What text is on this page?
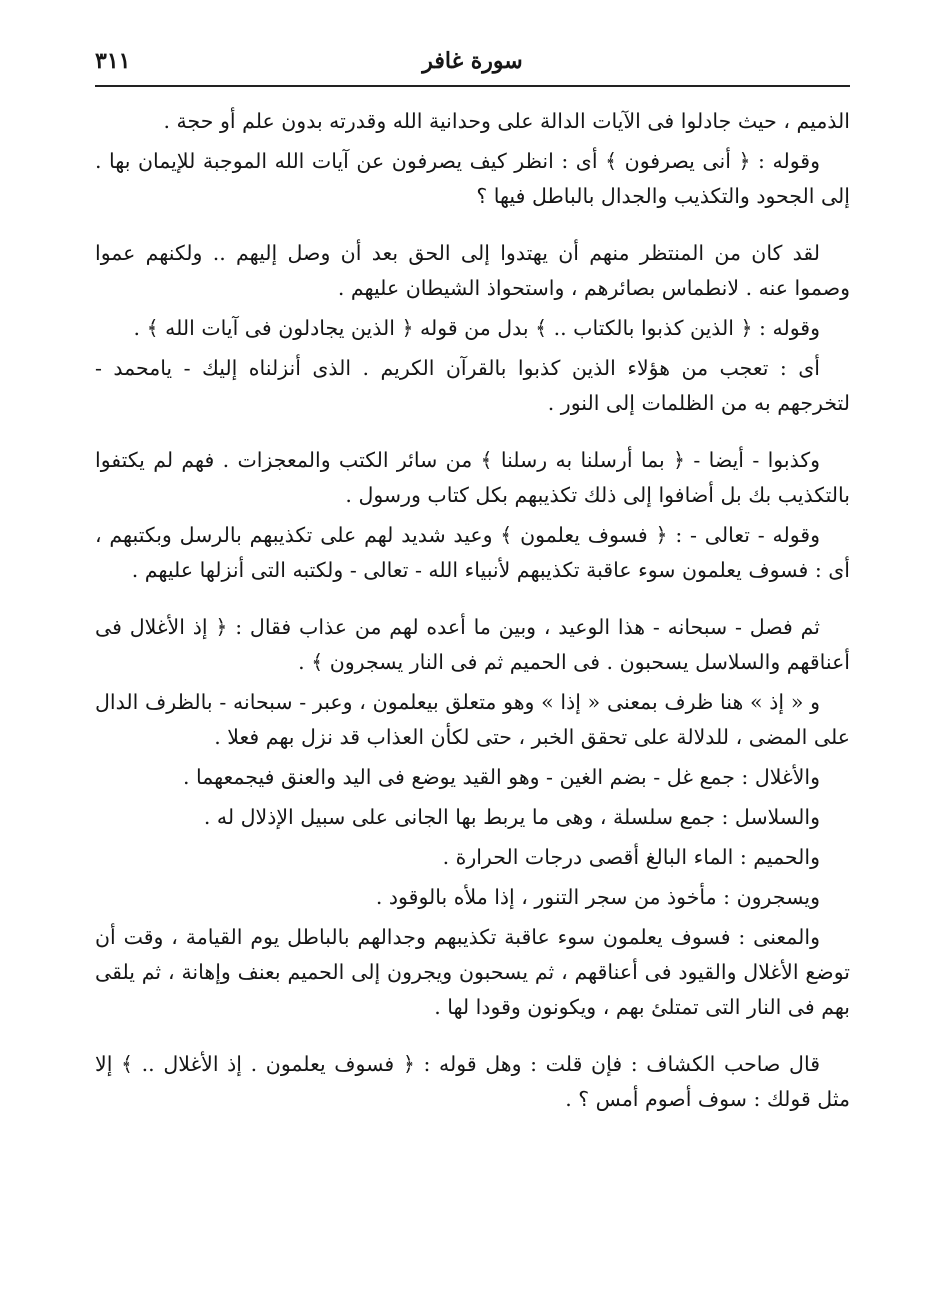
٣١١	سورة غافر

الذميم ، حيث جادلوا فى الآيات الدالة على وحدانية الله وقدرته بدون علم أو حجة .

وقوله : ﴿ أنى يصرفون ﴾ أى : انظر كيف يصرفون عن آيات الله الموجبة للإيمان بها . إلى الجحود والتكذيب والجدال بالباطل فيها ؟

لقد كان من المنتظر منهم أن يهتدوا إلى الحق بعد أن وصل إليهم .. ولكنهم عموا وصموا عنه . لانطماس بصائرهم ، واستحواذ الشيطان عليهم .

وقوله : ﴿ الذين كذبوا بالكتاب .. ﴾ بدل من قوله ﴿ الذين يجادلون فى آيات الله ﴾ .

أى : تعجب من هؤلاء الذين كذبوا بالقرآن الكريم . الذى أنزلناه إليك - يامحمد - لتخرجهم به من الظلمات إلى النور .

وكذبوا - أيضا - ﴿ بما أرسلنا به رسلنا ﴾ من سائر الكتب والمعجزات . فهم لم يكتفوا بالتكذيب بك بل أضافوا إلى ذلك تكذيبهم بكل كتاب ورسول .

وقوله - تعالى - : ﴿ فسوف يعلمون ﴾ وعيد شديد لهم على تكذيبهم بالرسل وبكتبهم ، أى : فسوف يعلمون سوء عاقبة تكذيبهم لأنبياء الله - تعالى - ولكتبه التى أنزلها عليهم .

ثم فصل - سبحانه - هذا الوعيد ، وبين ما أعده لهم من عذاب فقال : ﴿ إذ الأغلال فى أعناقهم والسلاسل يسحبون . فى الحميم ثم فى النار يسجرون ﴾ .

و « إذ » هنا ظرف بمعنى « إذا » وهو متعلق بيعلمون ، وعبر - سبحانه - بالظرف الدال على المضى ، للدلالة على تحقق الخبر ، حتى لكأن العذاب قد نزل بهم فعلا .

والأغلال : جمع غل - بضم الغين - وهو القيد يوضع فى اليد والعنق فيجمعهما .

والسلاسل : جمع سلسلة ، وهى ما يربط بها الجانى على سبيل الإذلال له .

والحميم : الماء البالغ أقصى درجات الحرارة .

ويسجرون : مأخوذ من سجر التنور ، إذا ملأه بالوقود .

والمعنى : فسوف يعلمون سوء عاقبة تكذيبهم وجدالهم بالباطل يوم القيامة ، وقت أن توضع الأغلال والقيود فى أعناقهم ، ثم يسحبون ويجرون إلى الحميم بعنف وإهانة ، ثم يلقى بهم فى النار التى تمتلئ بهم ، ويكونون وقودا لها .

قال صاحب الكشاف : فإن قلت : وهل قوله : ﴿ فسوف يعلمون . إذ الأغلال .. ﴾ إلا مثل قولك : سوف أصوم أمس ؟ .
